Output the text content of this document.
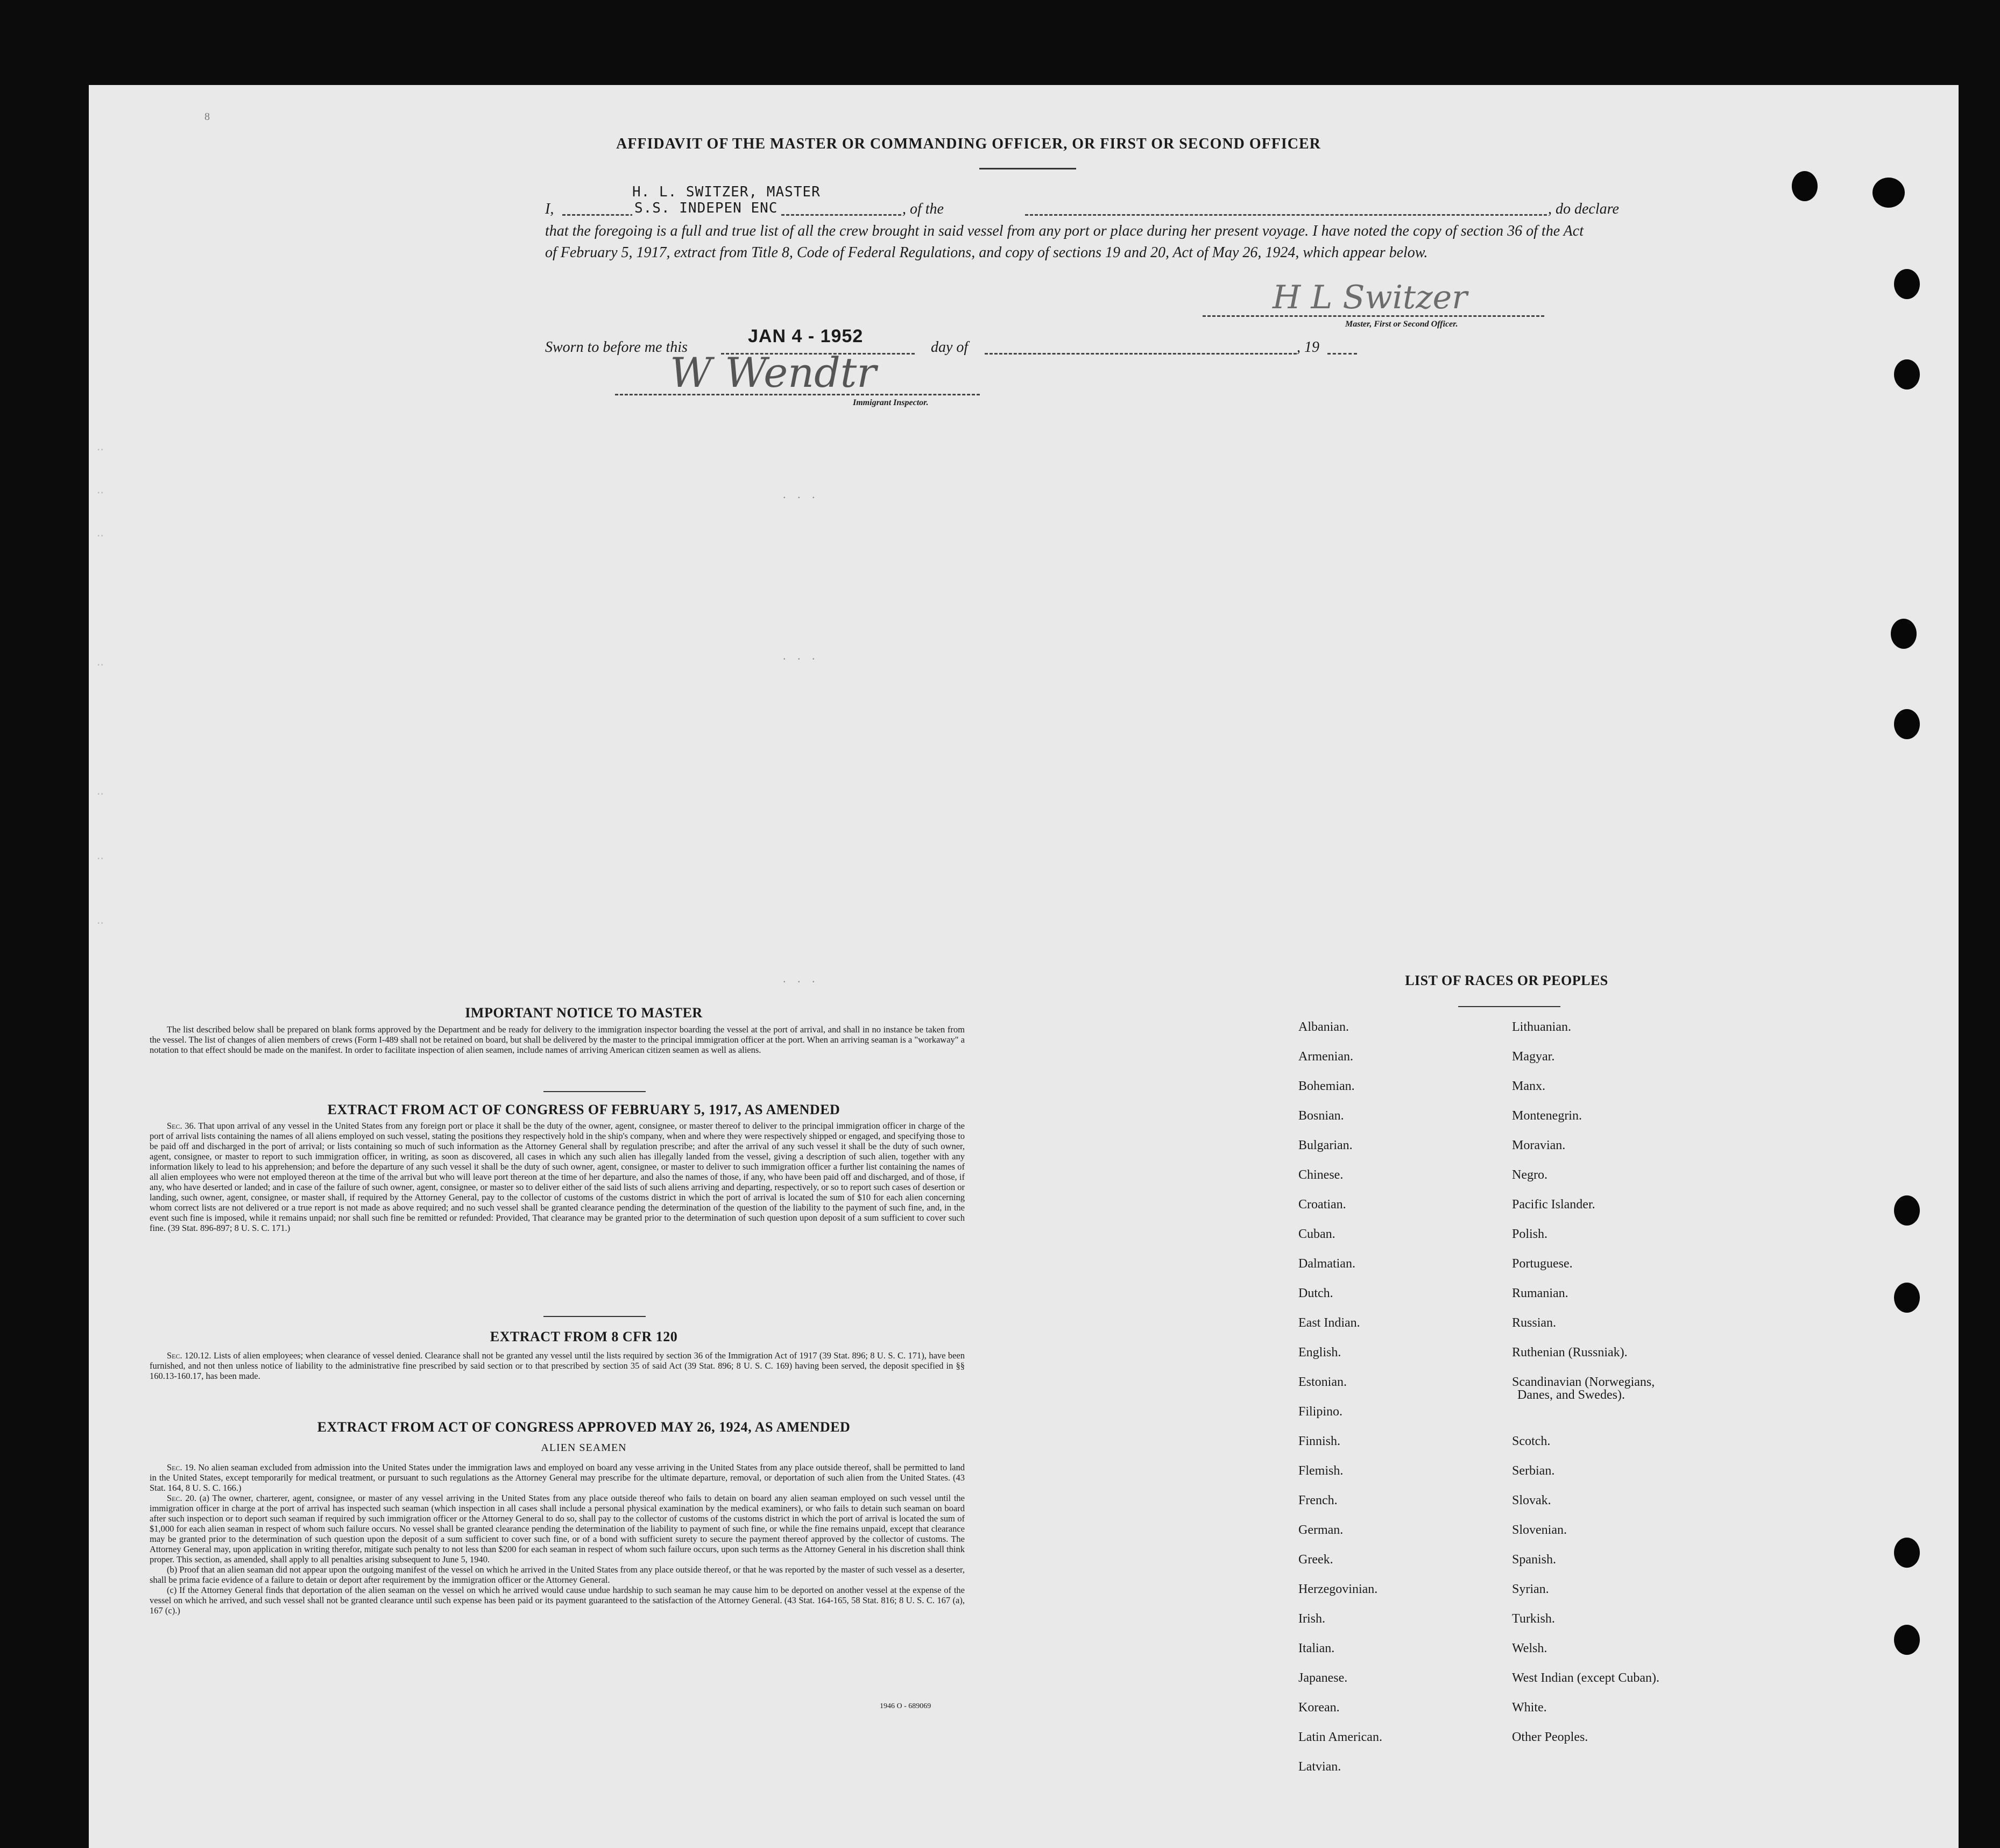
8
AFFIDAVIT OF THE MASTER OR COMMANDING OFFICER, OR FIRST OR SECOND OFFICER
H. L. SWITZER, MASTER
I,	S.S. INDEPEN ENC	, of the	, do declare
that the foregoing is a full and true list of all the crew brought in said vessel from any port or place during her present voyage. I have noted the copy of section 36 of the Act of February 5, 1917, extract from Title 8, Code of Federal Regulations, and copy of sections 19 and 20, Act of May 26, 1924, which appear below.
H L Switzer
Master, First or Second Officer.
Sworn to before me this
JAN 4 - 1952
day of	, 19
W Wendtr
Immigrant Inspector.
..
..
..
..
..
..
..
. . .
. . .
. . .
IMPORTANT NOTICE TO MASTER

The list described below shall be prepared on blank forms approved by the Department and be ready for delivery to the immigration inspector boarding the vessel at the port of arrival, and shall in no instance be taken from the vessel. The list of changes of alien members of crews (Form I-489 shall not be retained on board, but shall be delivered by the master to the principal immigration officer at the port. When an arriving seaman is a "workaway" a notation to that effect should be made on the manifest. In order to facilitate inspection of alien seamen, include names of arriving American citizen seamen as well as aliens.

EXTRACT FROM ACT OF CONGRESS OF FEBRUARY 5, 1917, AS AMENDED

Sec. 36. That upon arrival of any vessel in the United States from any foreign port or place it shall be the duty of the owner, agent, consignee, or master thereof to deliver to the principal immigration officer in charge of the port of arrival lists containing the names of all aliens employed on such vessel, stating the positions they respectively hold in the ship's company, when and where they were respectively shipped or engaged, and specifying those to be paid off and discharged in the port of arrival; or lists containing so much of such information as the Attorney General shall by regulation prescribe; and after the arrival of any such vessel it shall be the duty of such owner, agent, consignee, or master to report to such immigration officer, in writing, as soon as discovered, all cases in which any such alien has illegally landed from the vessel, giving a description of such alien, together with any information likely to lead to his apprehension; and before the departure of any such vessel it shall be the duty of such owner, agent, consignee, or master to deliver to such immigration officer a further list containing the names of all alien employees who were not employed thereon at the time of the arrival but who will leave port thereon at the time of her departure, and also the names of those, if any, who have been paid off and discharged, and of those, if any, who have deserted or landed; and in case of the failure of such owner, agent, consignee, or master so to deliver either of the said lists of such aliens arriving and departing, respectively, or so to report such cases of desertion or landing, such owner, agent, consignee, or master shall, if required by the Attorney General, pay to the collector of customs of the customs district in which the port of arrival is located the sum of $10 for each alien concerning whom correct lists are not delivered or a true report is not made as above required; and no such vessel shall be granted clearance pending the determination of the question of the liability to the payment of such fine, and, in the event such fine is imposed, while it remains unpaid; nor shall such fine be remitted or refunded: Provided, That clearance may be granted prior to the determination of such question upon deposit of a sum sufficient to cover such fine. (39 Stat. 896-897; 8 U. S. C. 171.)

EXTRACT FROM 8 CFR 120

Sec. 120.12. Lists of alien employees; when clearance of vessel denied. Clearance shall not be granted any vessel until the lists required by section 36 of the Immigration Act of 1917 (39 Stat. 896; 8 U. S. C. 171), have been furnished, and not then unless notice of liability to the administrative fine prescribed by said section or to that prescribed by section 35 of said Act (39 Stat. 896; 8 U. S. C. 169) having been served, the deposit specified in §§ 160.13-160.17, has been made.

EXTRACT FROM ACT OF CONGRESS APPROVED MAY 26, 1924, AS AMENDED
ALIEN SEAMEN

Sec. 19. No alien seaman excluded from admission into the United States under the immigration laws and employed on board any vesse arriving in the United States from any place outside thereof, shall be permitted to land in the United States, except temporarily for medical treatment, or pursuant to such regulations as the Attorney General may prescribe for the ultimate departure, removal, or deportation of such alien from the United States. (43 Stat. 164, 8 U. S. C. 166.)

Sec. 20. (a) The owner, charterer, agent, consignee, or master of any vessel arriving in the United States from any place outside thereof who fails to detain on board any alien seaman employed on such vessel until the immigration officer in charge at the port of arrival has inspected such seaman (which inspection in all cases shall include a personal physical examination by the medical examiners), or who fails to detain such seaman on board after such inspection or to deport such seaman if required by such immigration officer or the Attorney General to do so, shall pay to the collector of customs of the customs district in which the port of arrival is located the sum of $1,000 for each alien seaman in respect of whom such failure occurs. No vessel shall be granted clearance pending the determination of the liability to payment of such fine, or while the fine remains unpaid, except that clearance may be granted prior to the determination of such question upon the deposit of a sum sufficient to cover such fine, or of a bond with sufficient surety to secure the payment thereof approved by the collector of customs. The Attorney General may, upon application in writing therefor, mitigate such penalty to not less than $200 for each seaman in respect of whom such failure occurs, upon such terms as the Attorney General in his discretion shall think proper. This section, as amended, shall apply to all penalties arising subsequent to June 5, 1940.

(b) Proof that an alien seaman did not appear upon the outgoing manifest of the vessel on which he arrived in the United States from any place outside thereof, or that he was reported by the master of such vessel as a deserter, shall be prima facie evidence of a failure to detain or deport after requirement by the immigration officer or the Attorney General.

(c) If the Attorney General finds that deportation of the alien seaman on the vessel on which he arrived would cause undue hardship to such seaman he may cause him to be deported on another vessel at the expense of the vessel on which he arrived, and such vessel shall not be granted clearance until such expense has been paid or its payment guaranteed to the satisfaction of the Attorney General. (43 Stat. 164-165, 58 Stat. 816; 8 U. S. C. 167 (a), 167 (c).)

1946 O - 689069
LIST OF RACES OR PEOPLES
Albanian.
Armenian.
Bohemian.
Bosnian.
Bulgarian.
Chinese.
Croatian.
Cuban.
Dalmatian.
Dutch.
East Indian.
English.
Estonian.
Filipino.
Finnish.
Flemish.
French.
German.
Greek.
Herzegovinian.
Irish.
Italian.
Japanese.
Korean.
Latin American.
Latvian.
Lithuanian.
Magyar.
Manx.
Montenegrin.
Moravian.
Negro.
Pacific Islander.
Polish.
Portuguese.
Rumanian.
Russian.
Ruthenian (Russniak).
Scandinavian (Norwegians,
Scotch.
Serbian.
Slovak.
Slovenian.
Spanish.
Syrian.
Turkish.
Welsh.
West Indian (except Cuban).
White.
Other Peoples.
Danes, and Swedes).
